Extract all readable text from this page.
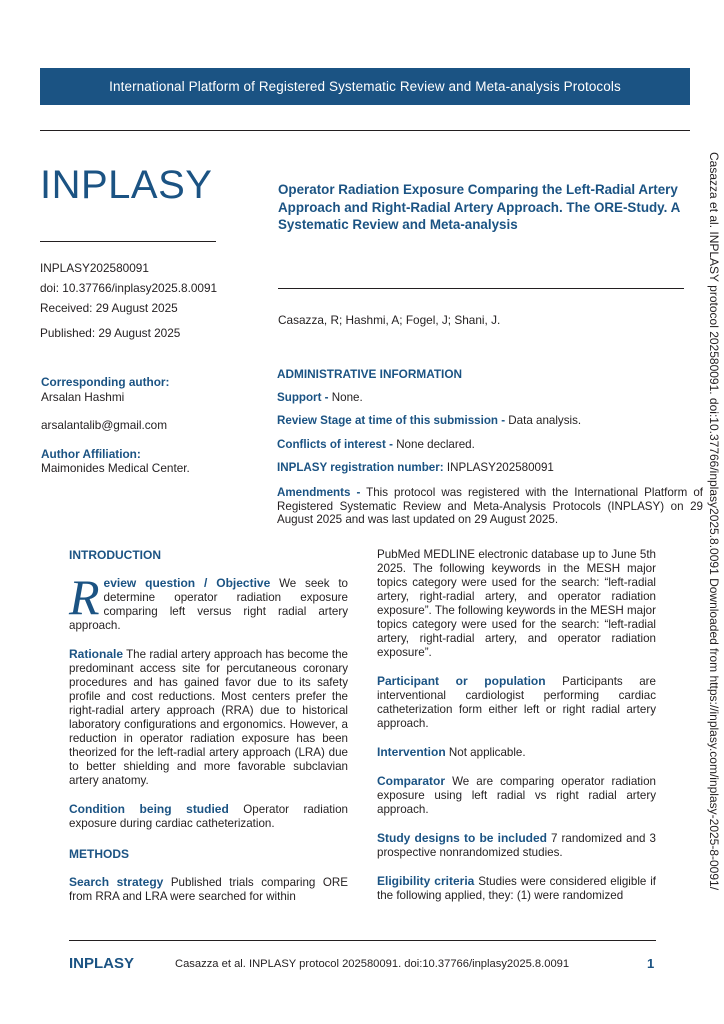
International Platform of Registered Systematic Review and Meta-analysis Protocols
INPLASY	Operator Radiation Exposure Comparing the Left-Radial Artery Approach and Right-Radial Artery Approach. The ORE-Study. A Systematic Review and Meta-analysis
INPLASY202580091
doi: 10.37766/inplasy2025.8.0091
Received: 29 August 2025
Published: 29 August 2025
Casazza, R; Hashmi, A; Fogel, J; Shani, J.
Corresponding author:
Arsalan Hashmi
arsalantalib@gmail.com
Author Affiliation:
Maimonides Medical Center.
ADMINISTRATIVE INFORMATION
Support - None.
Review Stage at time of this submission - Data analysis.
Conflicts of interest - None declared.
INPLASY registration number: INPLASY202580091
Amendments - This protocol was registered with the International Platform of Registered Systematic Review and Meta-Analysis Protocols (INPLASY) on 29 August 2025 and was last updated on 29 August 2025.
INTRODUCTION
R eview question / Objective We seek to determine operator radiation exposure comparing left versus right radial artery approach.
Rationale The radial artery approach has become the predominant access site for percutaneous coronary procedures and has gained favor due to its safety profile and cost reductions. Most centers prefer the right-radial artery approach (RRA) due to historical laboratory configurations and ergonomics. However, a reduction in operator radiation exposure has been theorized for the left-radial artery approach (LRA) due to better shielding and more favorable subclavian artery anatomy.
Condition being studied Operator radiation exposure during cardiac catheterization.
METHODS
Search strategy Published trials comparing ORE from RRA and LRA were searched for within
PubMed MEDLINE electronic database up to June 5th 2025. The following keywords in the MESH major topics category were used for the search: “left-radial artery, right-radial artery, and operator radiation exposure”. The following keywords in the MESH major topics category were used for the search: “left-radial artery, right-radial artery, and operator radiation exposure”.
Participant or population Participants are interventional cardiologist performing cardiac catheterization form either left or right radial artery approach.
Intervention Not applicable.
Comparator We are comparing operator radiation exposure using left radial vs right radial artery approach.
Study designs to be included 7 randomized and 3 prospective nonrandomized studies.
Eligibility criteria Studies were considered eligible if the following applied, they: (1) were randomized
Casazza et al. INPLASY protocol 202580091. doi:10.37766/inplasy2025.8.0091 Downloaded from https://inplasy.com/inplasy-2025-8-0091/
INPLASY	Casazza et al. INPLASY protocol 202580091. doi:10.37766/inplasy2025.8.0091	1
